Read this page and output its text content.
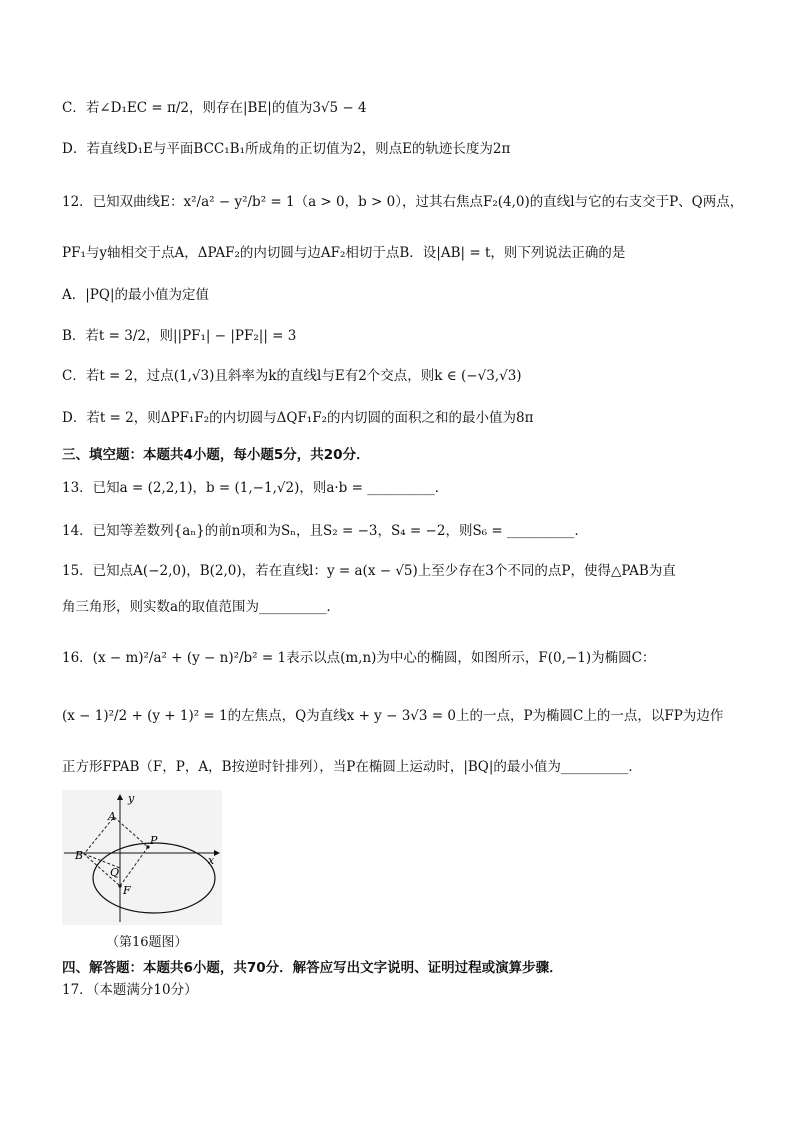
C．若∠D₁EC = π/2，则存在|BE|的值为3√5 − 4
D．若直线D₁E与平面BCC₁B₁所成角的正切值为2，则点E的轨迹长度为2π
12．已知双曲线E：x²/a² − y²/b² = 1（a > 0，b > 0），过其右焦点F₂(4,0)的直线l与它的右支交于P、Q两点，
PF₁与y轴相交于点A，ΔPAF₂的内切圆与边AF₂相切于点B．设|AB| = t，则下列说法正确的是
A．|PQ|的最小值为定值
B．若t = 3/2，则||PF₁| − |PF₂|| = 3
C．若t = 2，过点(1,√3)且斜率为k的直线l与E有2个交点，则k ∈ (−√3,√3)
D．若t = 2，则ΔPF₁F₂的内切圆与ΔQF₁F₂的内切圆的面积之和的最小值为8π
三、填空题：本题共4小题，每小题5分，共20分．
13．已知a = (2,2,1)，b = (1,−1,√2)，则a·b = __________．
14．已知等差数列{aₙ}的前n项和为Sₙ，且S₂ = −3，S₄ = −2，则S₆ = __________．
15．已知点A(−2,0)，B(2,0)，若在直线l：y = a(x − √5)上至少存在3个不同的点P，使得△PAB为直
角三角形，则实数a的取值范围为__________．
16．(x − m)²/a² + (y − n)²/b² = 1表示以点(m,n)为中心的椭圆，如图所示，F(0,−1)为椭圆C：
(x − 1)²/2 + (y + 1)² = 1的左焦点，Q为直线x + y − 3√3 = 0上的一点，P为椭圆C上的一点，以FP为边作
正方形FPAB（F，P，A，B按逆时针排列），当P在椭圆上运动时，|BQ|的最小值为__________．
y
x
A
P
B
Q
F
（第16题图）
四、解答题：本题共6小题，共70分．解答应写出文字说明、证明过程或演算步骤．
17．（本题满分10分）
